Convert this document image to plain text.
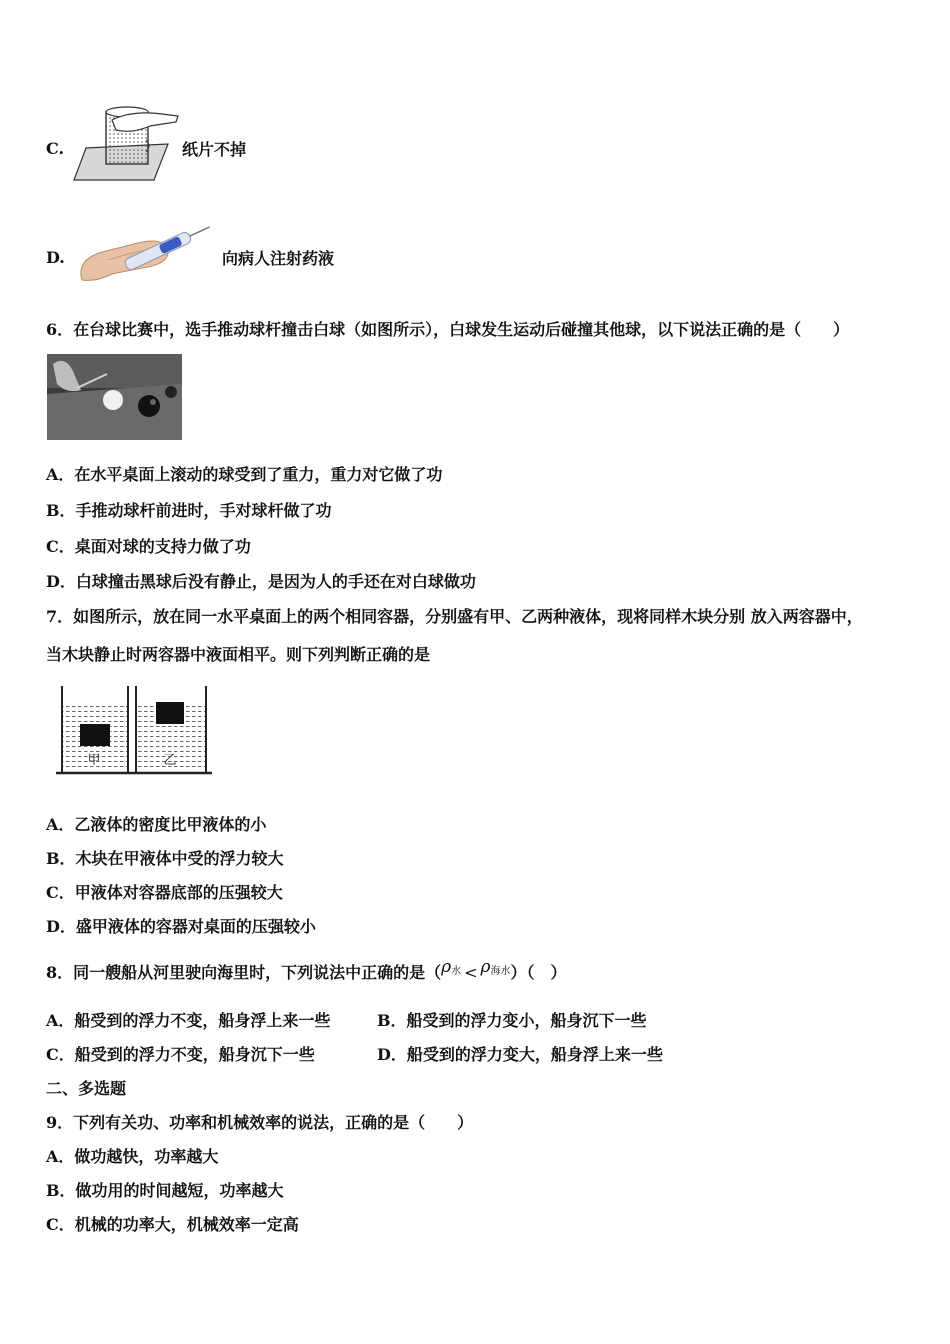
C.	纸片不掉
D.	向病人注射药液
6．在台球比赛中，选手推动球杆撞击白球（如图所示），白球发生运动后碰撞其他球，以下说法正确的是（　　）
A．在水平桌面上滚动的球受到了重力，重力对它做了功
B．手推动球杆前进时，手对球杆做了功
C．桌面对球的支持力做了功
D．白球撞击黑球后没有静止，是因为人的手还在对白球做功
7．如图所示，放在同一水平桌面上的两个相同容器，分别盛有甲、乙两种液体，现将同样木块分别 放入两容器中，
当木块静止时两容器中液面相平。则下列判断正确的是
甲	乙
A．乙液体的密度比甲液体的小
B．木块在甲液体中受的浮力较大
C．甲液体对容器底部的压强较大
D．盛甲液体的容器对桌面的压强较小
8．同一艘船从河里驶向海里时，下列说法中正确的是$(\rho^水 < \rho^{海水})$（　）
A．船受到的浮力不变，船身浮上来一些	B．船受到的浮力变小，船身沉下一些
C．船受到的浮力不变，船身沉下一些	D．船受到的浮力变大，船身浮上来一些
二、多选题
9．下列有关功、功率和机械效率的说法，正确的是（　　）
A．做功越快，功率越大
B．做功用的时间越短，功率越大
C．机械的功率大，机械效率一定高
